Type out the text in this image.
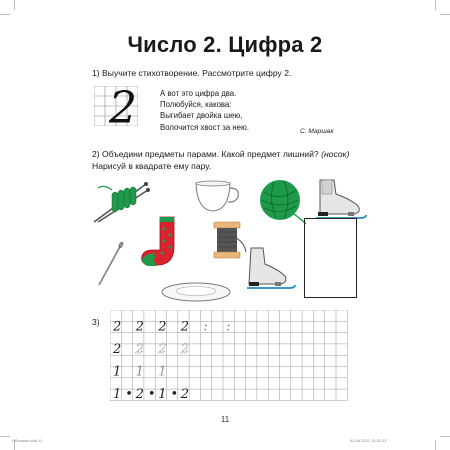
Число 2. Цифра 2
1) Выучите стихотворение. Рассмотрите цифру 2.
2	А вот это цифра два.
Полюбуйся, какова:
Выгибает двойка шею,
Волочится хвост за нею.	С. Маршак
2) Объедини предметы парами. Какой предмет лишний? (носок)
Нарисуй в квадрате ему пару.
3) 2 2 2 2 : :
2 2 2 2
1 1 1
1 • 2 • 1 • 2
11
Обложка.indd 11	02.06.2021 15:32:15
